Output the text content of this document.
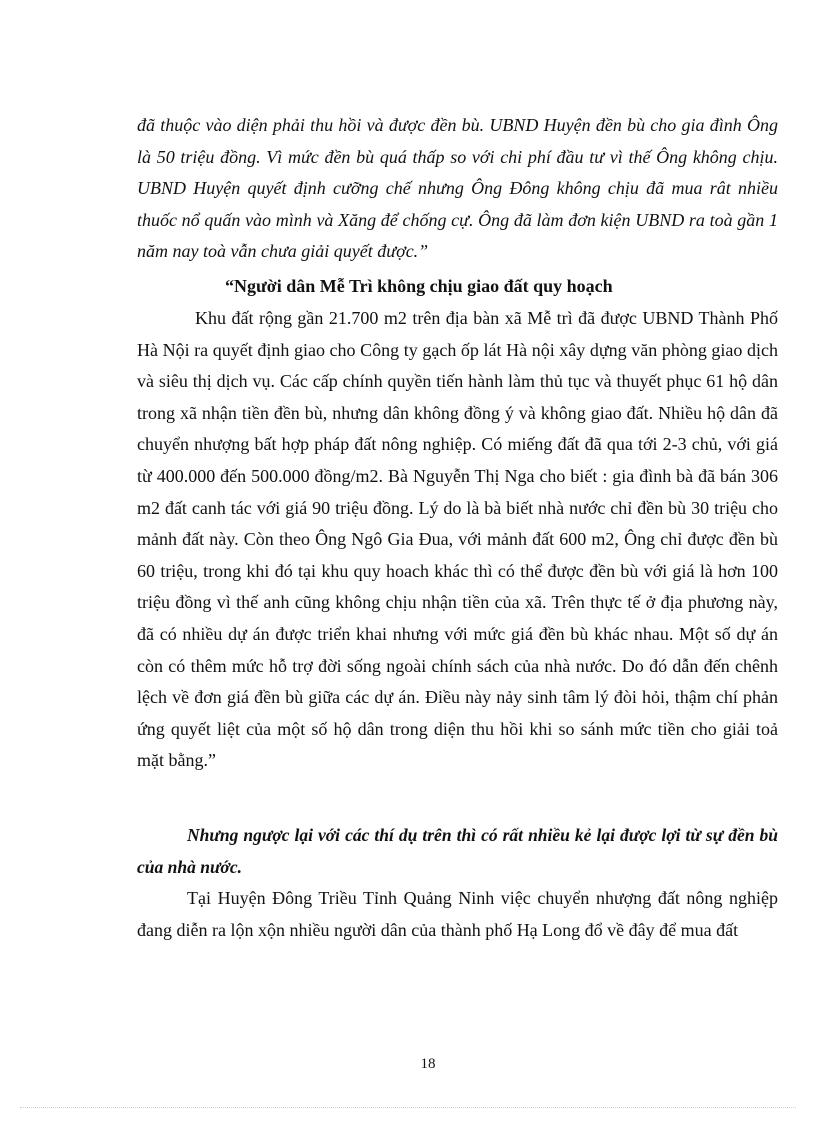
đã thuộc vào diện phải thu hồi và được đền bù. UBND Huyện đền bù cho gia đình Ông là 50 triệu đồng. Vì mức đền bù quá thấp so với chi phí đầu tư vì thế Ông không chịu. UBND Huyện quyết định cưỡng chế nhưng Ông Đông không chịu đã mua rât nhiều thuốc nổ quấn vào mình và Xăng để chống cự. Ông đã làm đơn kiện UBND ra toà gần 1 năm nay toà vẫn chưa giải quyết được.”
“Người dân Mễ Trì không chịu giao đất quy hoạch
Khu đất rộng gần 21.700 m2 trên địa bàn xã Mễ trì đã được UBND Thành Phố Hà Nội ra quyết định giao cho Công ty gạch ốp lát Hà nội xây dựng văn phòng giao dịch và siêu thị dịch vụ. Các cấp chính quyền tiến hành làm thủ tục và thuyết phục 61 hộ dân trong xã nhận tiền đền bù, nhưng dân không đồng ý và không giao đất. Nhiều hộ dân đã chuyển nhượng bất hợp pháp đất nông nghiệp. Có miếng đất đã qua tới 2-3 chủ, với giá từ 400.000 đến 500.000 đồng/m2. Bà Nguyễn Thị Nga cho biết : gia đình bà đã bán 306 m2 đất canh tác với giá 90 triệu đồng. Lý do là bà biết nhà nước chỉ đền bù 30 triệu cho mảnh đất này. Còn theo Ông Ngô Gia Đua, với mảnh đất 600 m2, Ông chỉ được đền bù 60 triệu, trong khi đó tại khu quy hoach khác thì có thể được đền bù với giá là hơn 100 triệu đồng vì thế anh cũng không chịu nhận tiền của xã. Trên thực tế ở địa phương này, đã có nhiều dự án được triển khai nhưng với mức giá đền bù khác nhau. Một số dự án còn có thêm mức hỗ trợ đời sống ngoài chính sách của nhà nước. Do đó dẫn đến chênh lệch về đơn giá đền bù giữa các dự án. Điều này nảy sinh tâm lý đòi hỏi, thậm chí phản ứng quyết liệt của một số hộ dân trong diện thu hồi khi so sánh mức tiền cho giải toả mặt bằng.”
Nhưng ngược lại với các thí dụ trên thì có rất nhiều kẻ lại được lợi từ sự đền bù của nhà nước.
Tại Huyện Đông Triều Tỉnh Quảng Ninh việc chuyển nhượng đất nông nghiệp đang diễn ra lộn xộn nhiều người dân của thành phố Hạ Long đổ về đây để mua đất
18
